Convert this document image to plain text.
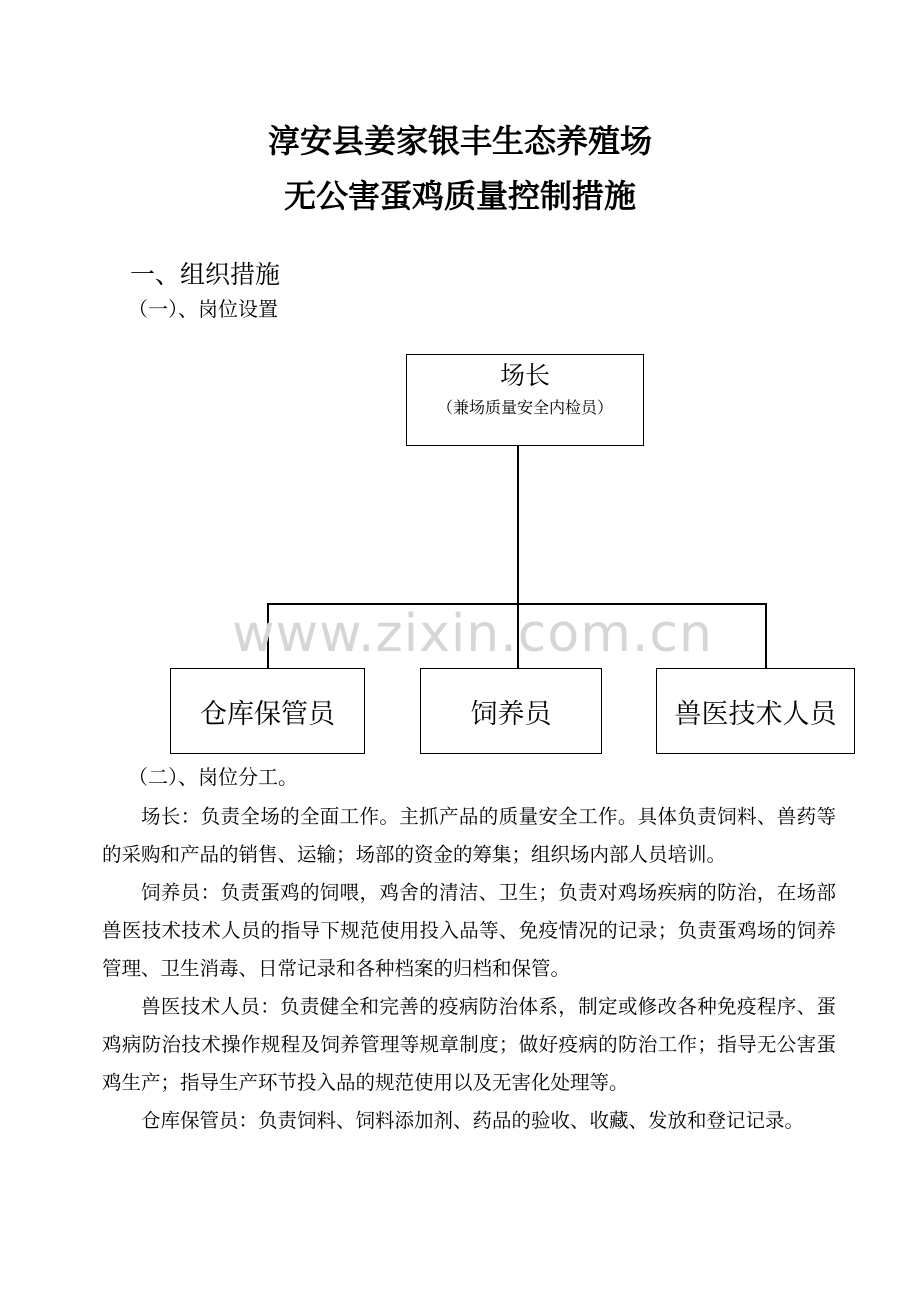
淳安县姜家银丰生态养殖场
无公害蛋鸡质量控制措施
一、组织措施
（一）、岗位设置
www.zixin.com.cn
场长
（兼场质量安全内检员）
仓库保管员	饲养员	兽医技术人员
（二）、岗位分工。
场长：负责全场的全面工作。主抓产品的质量安全工作。具体负责饲料、兽药等的采购和产品的销售、运输；场部的资金的筹集；组织场内部人员培训。
饲养员：负责蛋鸡的饲喂，鸡舍的清洁、卫生；负责对鸡场疾病的防治，在场部兽医技术技术人员的指导下规范使用投入品等、免疫情况的记录；负责蛋鸡场的饲养管理、卫生消毒、日常记录和各种档案的归档和保管。
兽医技术人员：负责健全和完善的疫病防治体系，制定或修改各种免疫程序、蛋鸡病防治技术操作规程及饲养管理等规章制度；做好疫病的防治工作；指导无公害蛋鸡生产；指导生产环节投入品的规范使用以及无害化处理等。
仓库保管员：负责饲料、饲料添加剂、药品的验收、收藏、发放和登记记录。
